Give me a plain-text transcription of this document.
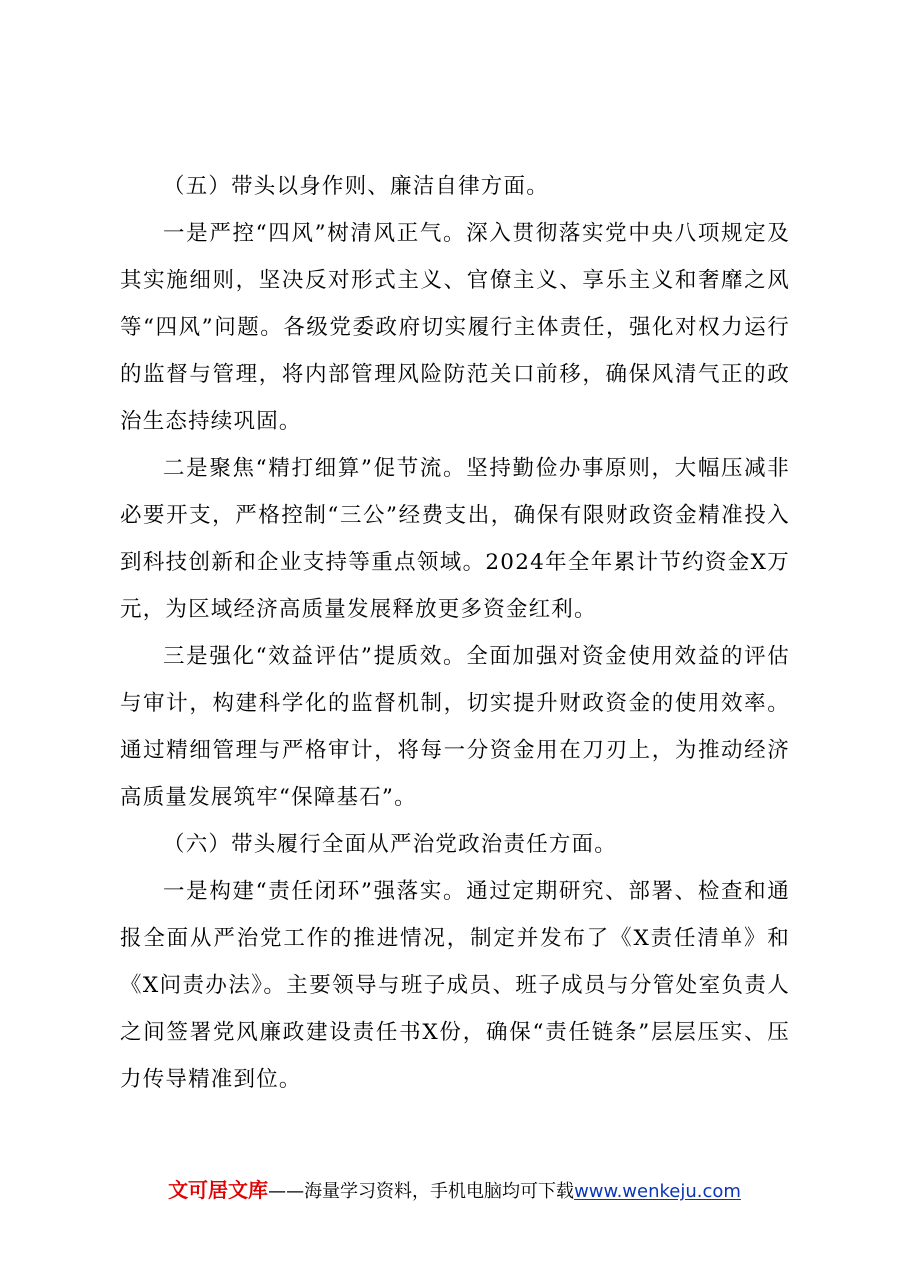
（五）带头以身作则、廉洁自律方面。

一是严控“四风”树清风正气。深入贯彻落实党中央八项规定及其实施细则，坚决反对形式主义、官僚主义、享乐主义和奢靡之风等“四风”问题。各级党委政府切实履行主体责任，强化对权力运行的监督与管理，将内部管理风险防范关口前移，确保风清气正的政治生态持续巩固。

二是聚焦“精打细算”促节流。坚持勤俭办事原则，大幅压减非必要开支，严格控制“三公”经费支出，确保有限财政资金精准投入到科技创新和企业支持等重点领域。2024年全年累计节约资金X万元，为区域经济高质量发展释放更多资金红利。

三是强化“效益评估”提质效。全面加强对资金使用效益的评估与审计，构建科学化的监督机制，切实提升财政资金的使用效率。通过精细管理与严格审计，将每一分资金用在刀刃上，为推动经济高质量发展筑牢“保障基石”。

（六）带头履行全面从严治党政治责任方面。

一是构建“责任闭环”强落实。通过定期研究、部署、检查和通报全面从严治党工作的推进情况，制定并发布了《X责任清单》和《X问责办法》。主要领导与班子成员、班子成员与分管处室负责人之间签署党风廉政建设责任书X份，确保“责任链条”层层压实、压力传导精准到位。

文可居文库——海量学习资料，手机电脑均可下载www.wenkeju.com
